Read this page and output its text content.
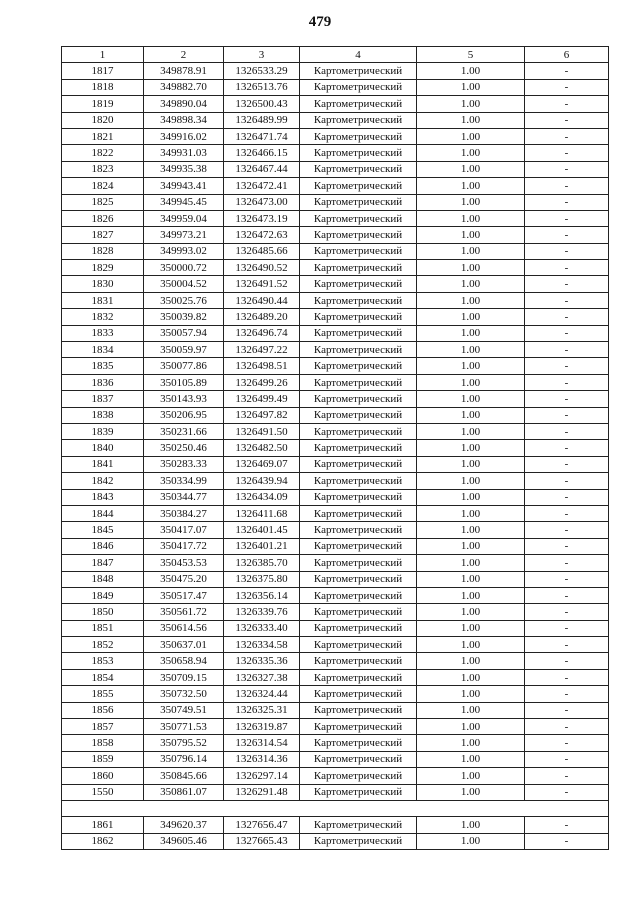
479
1	2	3	4	5	6
1817	349878.91	1326533.29	Картометрический	1.00	-
1818	349882.70	1326513.76	Картометрический	1.00	-
1819	349890.04	1326500.43	Картометрический	1.00	-
1820	349898.34	1326489.99	Картометрический	1.00	-
1821	349916.02	1326471.74	Картометрический	1.00	-
1822	349931.03	1326466.15	Картометрический	1.00	-
1823	349935.38	1326467.44	Картометрический	1.00	-
1824	349943.41	1326472.41	Картометрический	1.00	-
1825	349945.45	1326473.00	Картометрический	1.00	-
1826	349959.04	1326473.19	Картометрический	1.00	-
1827	349973.21	1326472.63	Картометрический	1.00	-
1828	349993.02	1326485.66	Картометрический	1.00	-
1829	350000.72	1326490.52	Картометрический	1.00	-
1830	350004.52	1326491.52	Картометрический	1.00	-
1831	350025.76	1326490.44	Картометрический	1.00	-
1832	350039.82	1326489.20	Картометрический	1.00	-
1833	350057.94	1326496.74	Картометрический	1.00	-
1834	350059.97	1326497.22	Картометрический	1.00	-
1835	350077.86	1326498.51	Картометрический	1.00	-
1836	350105.89	1326499.26	Картометрический	1.00	-
1837	350143.93	1326499.49	Картометрический	1.00	-
1838	350206.95	1326497.82	Картометрический	1.00	-
1839	350231.66	1326491.50	Картометрический	1.00	-
1840	350250.46	1326482.50	Картометрический	1.00	-
1841	350283.33	1326469.07	Картометрический	1.00	-
1842	350334.99	1326439.94	Картометрический	1.00	-
1843	350344.77	1326434.09	Картометрический	1.00	-
1844	350384.27	1326411.68	Картометрический	1.00	-
1845	350417.07	1326401.45	Картометрический	1.00	-
1846	350417.72	1326401.21	Картометрический	1.00	-
1847	350453.53	1326385.70	Картометрический	1.00	-
1848	350475.20	1326375.80	Картометрический	1.00	-
1849	350517.47	1326356.14	Картометрический	1.00	-
1850	350561.72	1326339.76	Картометрический	1.00	-
1851	350614.56	1326333.40	Картометрический	1.00	-
1852	350637.01	1326334.58	Картометрический	1.00	-
1853	350658.94	1326335.36	Картометрический	1.00	-
1854	350709.15	1326327.38	Картометрический	1.00	-
1855	350732.50	1326324.44	Картометрический	1.00	-
1856	350749.51	1326325.31	Картометрический	1.00	-
1857	350771.53	1326319.87	Картометрический	1.00	-
1858	350795.52	1326314.54	Картометрический	1.00	-
1859	350796.14	1326314.36	Картометрический	1.00	-
1860	350845.66	1326297.14	Картометрический	1.00	-
1550	350861.07	1326291.48	Картометрический	1.00	-

1861	349620.37	1327656.47	Картометрический	1.00	-
1862	349605.46	1327665.43	Картометрический	1.00	-
